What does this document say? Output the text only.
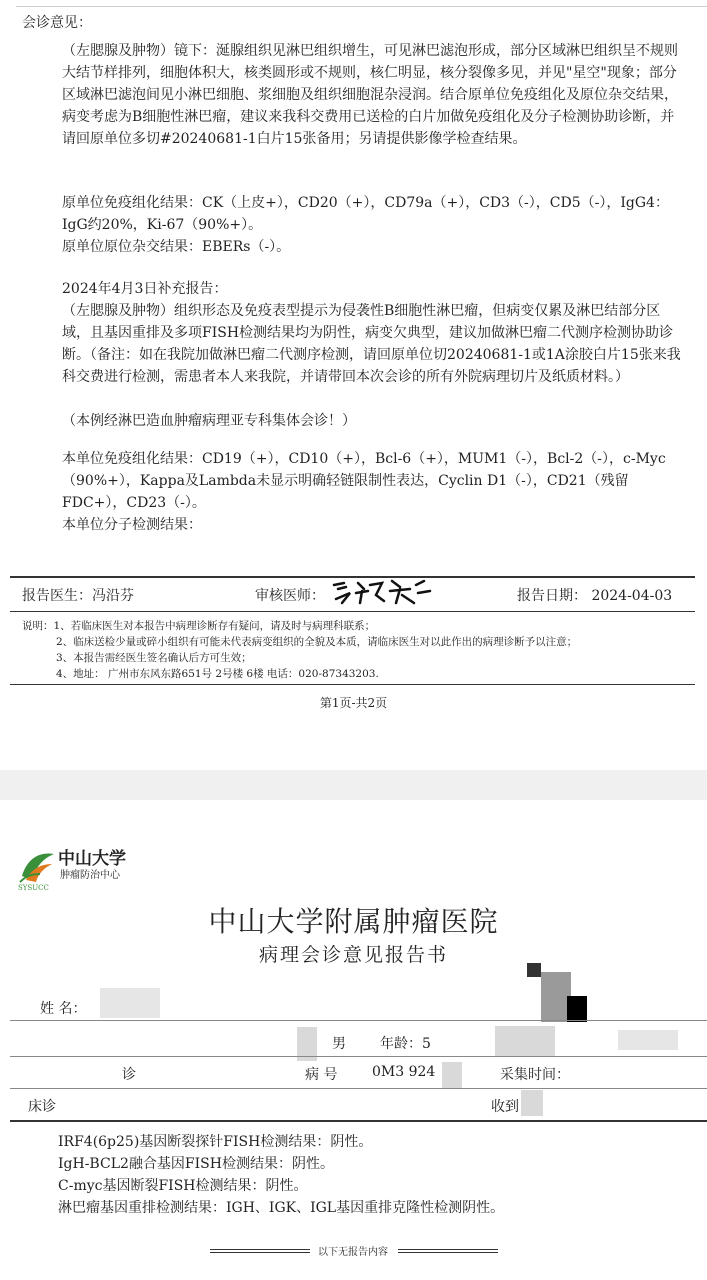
会诊意见：
（左腮腺及肿物）镜下：涎腺组织见淋巴组织增生，可见淋巴滤泡形成，部分区域淋巴组织呈不规则大结节样排列，细胞体积大，核类圆形或不规则，核仁明显，核分裂像多见，并见"星空"现象；部分区域淋巴滤泡间见小淋巴细胞、浆细胞及组织细胞混杂浸润。结合原单位免疫组化及原位杂交结果，病变考虑为B细胞性淋巴瘤，建议来我科交费用已送检的白片加做免疫组化及分子检测协助诊断，并请回原单位多切#20240681-1白片15张备用；另请提供影像学检查结果。
原单位免疫组化结果：CK（上皮+），CD20（+），CD79a（+），CD3（-），CD5（-），IgG4：IgG约20%，Ki-67（90%+）。
原单位原位杂交结果：EBERs（-）。
2024年4月3日补充报告：
（左腮腺及肿物）组织形态及免疫表型提示为侵袭性B细胞性淋巴瘤，但病变仅累及淋巴结部分区域，且基因重排及多项FISH检测结果均为阴性，病变欠典型，建议加做淋巴瘤二代测序检测协助诊断。（备注：如在我院加做淋巴瘤二代测序检测，请回原单位切20240681-1或1A涂胶白片15张来我科交费进行检测，需患者本人来我院，并请带回本次会诊的所有外院病理切片及纸质材料。）
（本例经淋巴造血肿瘤病理亚专科集体会诊！）
本单位免疫组化结果：CD19（+），CD10（+），Bcl-6（+），MUM1（-），Bcl-2（-），c-Myc（90%+），Kappa及Lambda未显示明确轻链限制性表达，Cyclin D1（-），CD21（残留FDC+），CD23（-）。
本单位分子检测结果：
报告医生：冯沿芬	审核医师：	报告日期： 2024-04-03
说明：1、若临床医生对本报告中病理诊断存有疑问，请及时与病理科联系；
2、临床送检少量或碎小组织有可能未代表病变组织的全貌及本质，请临床医生对以此作出的病理诊断予以注意；
3、本报告需经医生签名确认后方可生效；
4、地址： 广州市东风东路651号 2号楼 6楼 电话：020-87343203.
第1页-共2页
中山大学
肿瘤防治中心
SYSUCC
中山大学附属肿瘤医院
病理会诊意见报告书
姓 名：
男 年龄：5
诊	病 号 0M3 924	采集时间：
床诊	收到
IRF4(6p25)基因断裂探针FISH检测结果：阴性。
IgH-BCL2融合基因FISH检测结果：阴性。
C-myc基因断裂FISH检测结果：阴性。
淋巴瘤基因重排检测结果：IGH、IGK、IGL基因重排克隆性检测阴性。
以下无报告内容
